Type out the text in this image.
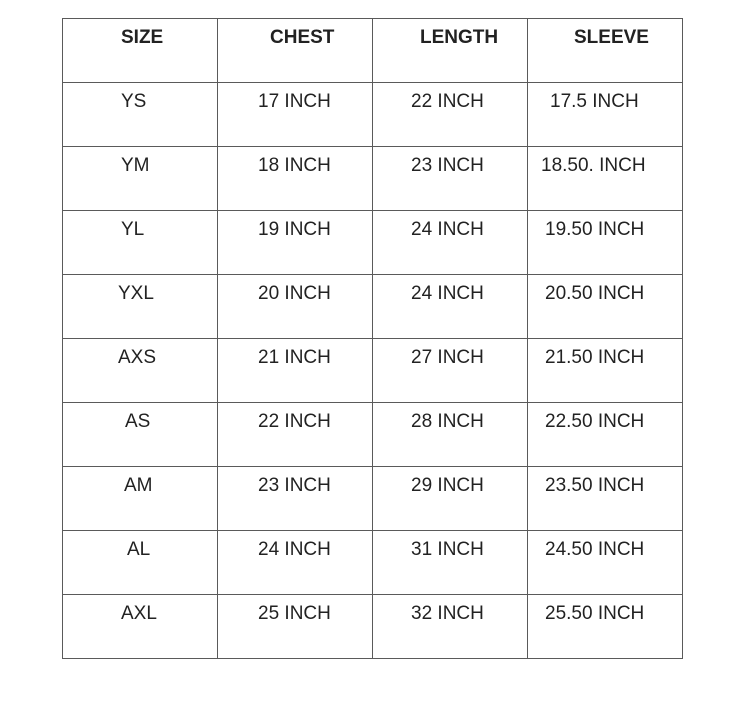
SIZE	CHEST	LENGTH	SLEEVE
YS	17 INCH	22 INCH	17.5 INCH
YM	18 INCH	23 INCH	18.50. INCH
YL	19 INCH	24 INCH	19.50 INCH
YXL	20 INCH	24 INCH	20.50 INCH
AXS	21 INCH	27 INCH	21.50 INCH
AS	22 INCH	28 INCH	22.50 INCH
AM	23 INCH	29 INCH	23.50 INCH
AL	24 INCH	31 INCH	24.50 INCH
AXL	25 INCH	32 INCH	25.50 INCH
